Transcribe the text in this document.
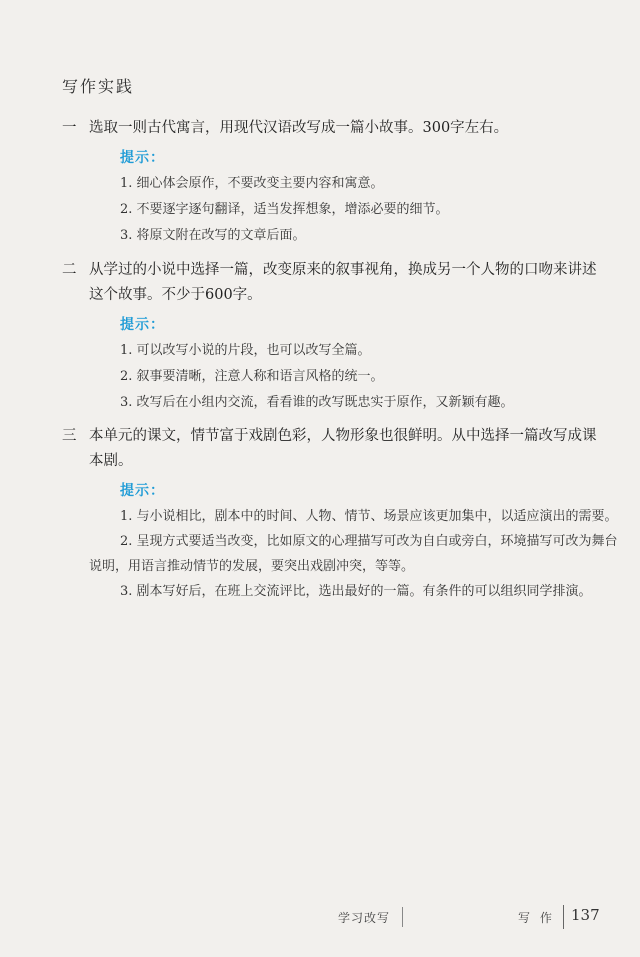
写作实践
一 选取一则古代寓言，用现代汉语改写成一篇小故事。300字左右。
提示：
1. 细心体会原作，不要改变主要内容和寓意。
2. 不要逐字逐句翻译，适当发挥想象，增添必要的细节。
3. 将原文附在改写的文章后面。
二 从学过的小说中选择一篇，改变原来的叙事视角，换成另一个人物的口吻来讲述
这个故事。不少于600字。
提示：
1. 可以改写小说的片段，也可以改写全篇。
2. 叙事要清晰，注意人称和语言风格的统一。
3. 改写后在小组内交流，看看谁的改写既忠实于原作，又新颖有趣。
三 本单元的课文，情节富于戏剧色彩，人物形象也很鲜明。从中选择一篇改写成课
本剧。
提示：
1. 与小说相比，剧本中的时间、人物、情节、场景应该更加集中，以适应演出的需要。
2. 呈现方式要适当改变，比如原文的心理描写可改为自白或旁白，环境描写可改为舞台说明，用语言推动情节的发展，要突出戏剧冲突，等等。
3. 剧本写好后，在班上交流评比，选出最好的一篇。有条件的可以组织同学排演。
学习改写	写 作 137
